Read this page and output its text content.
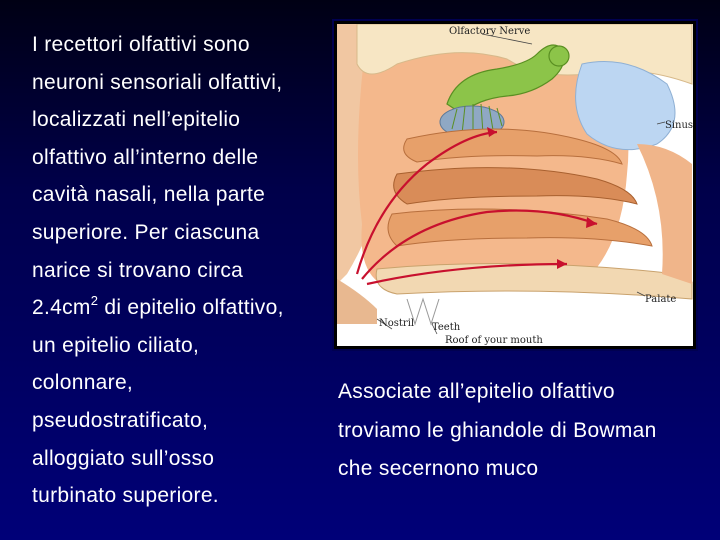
I recettori olfattivi sono
neuroni sensoriali olfattivi,
localizzati nell’epitelio
olfattivo all’interno delle
cavità nasali, nella parte
superiore. Per ciascuna
narice si trovano circa
$2.4cm^2$ di epitelio olfattivo,
un epitelio ciliato,
colonnare,
pseudostratificato,
alloggiato sull’osso
turbinato superiore.
Olfactory Nerve
Sinus
Palate
Nostril Teeth
Roof of your mouth
Associate all’epitelio olfattivo
troviamo le ghiandole di Bowman
che secernono muco
